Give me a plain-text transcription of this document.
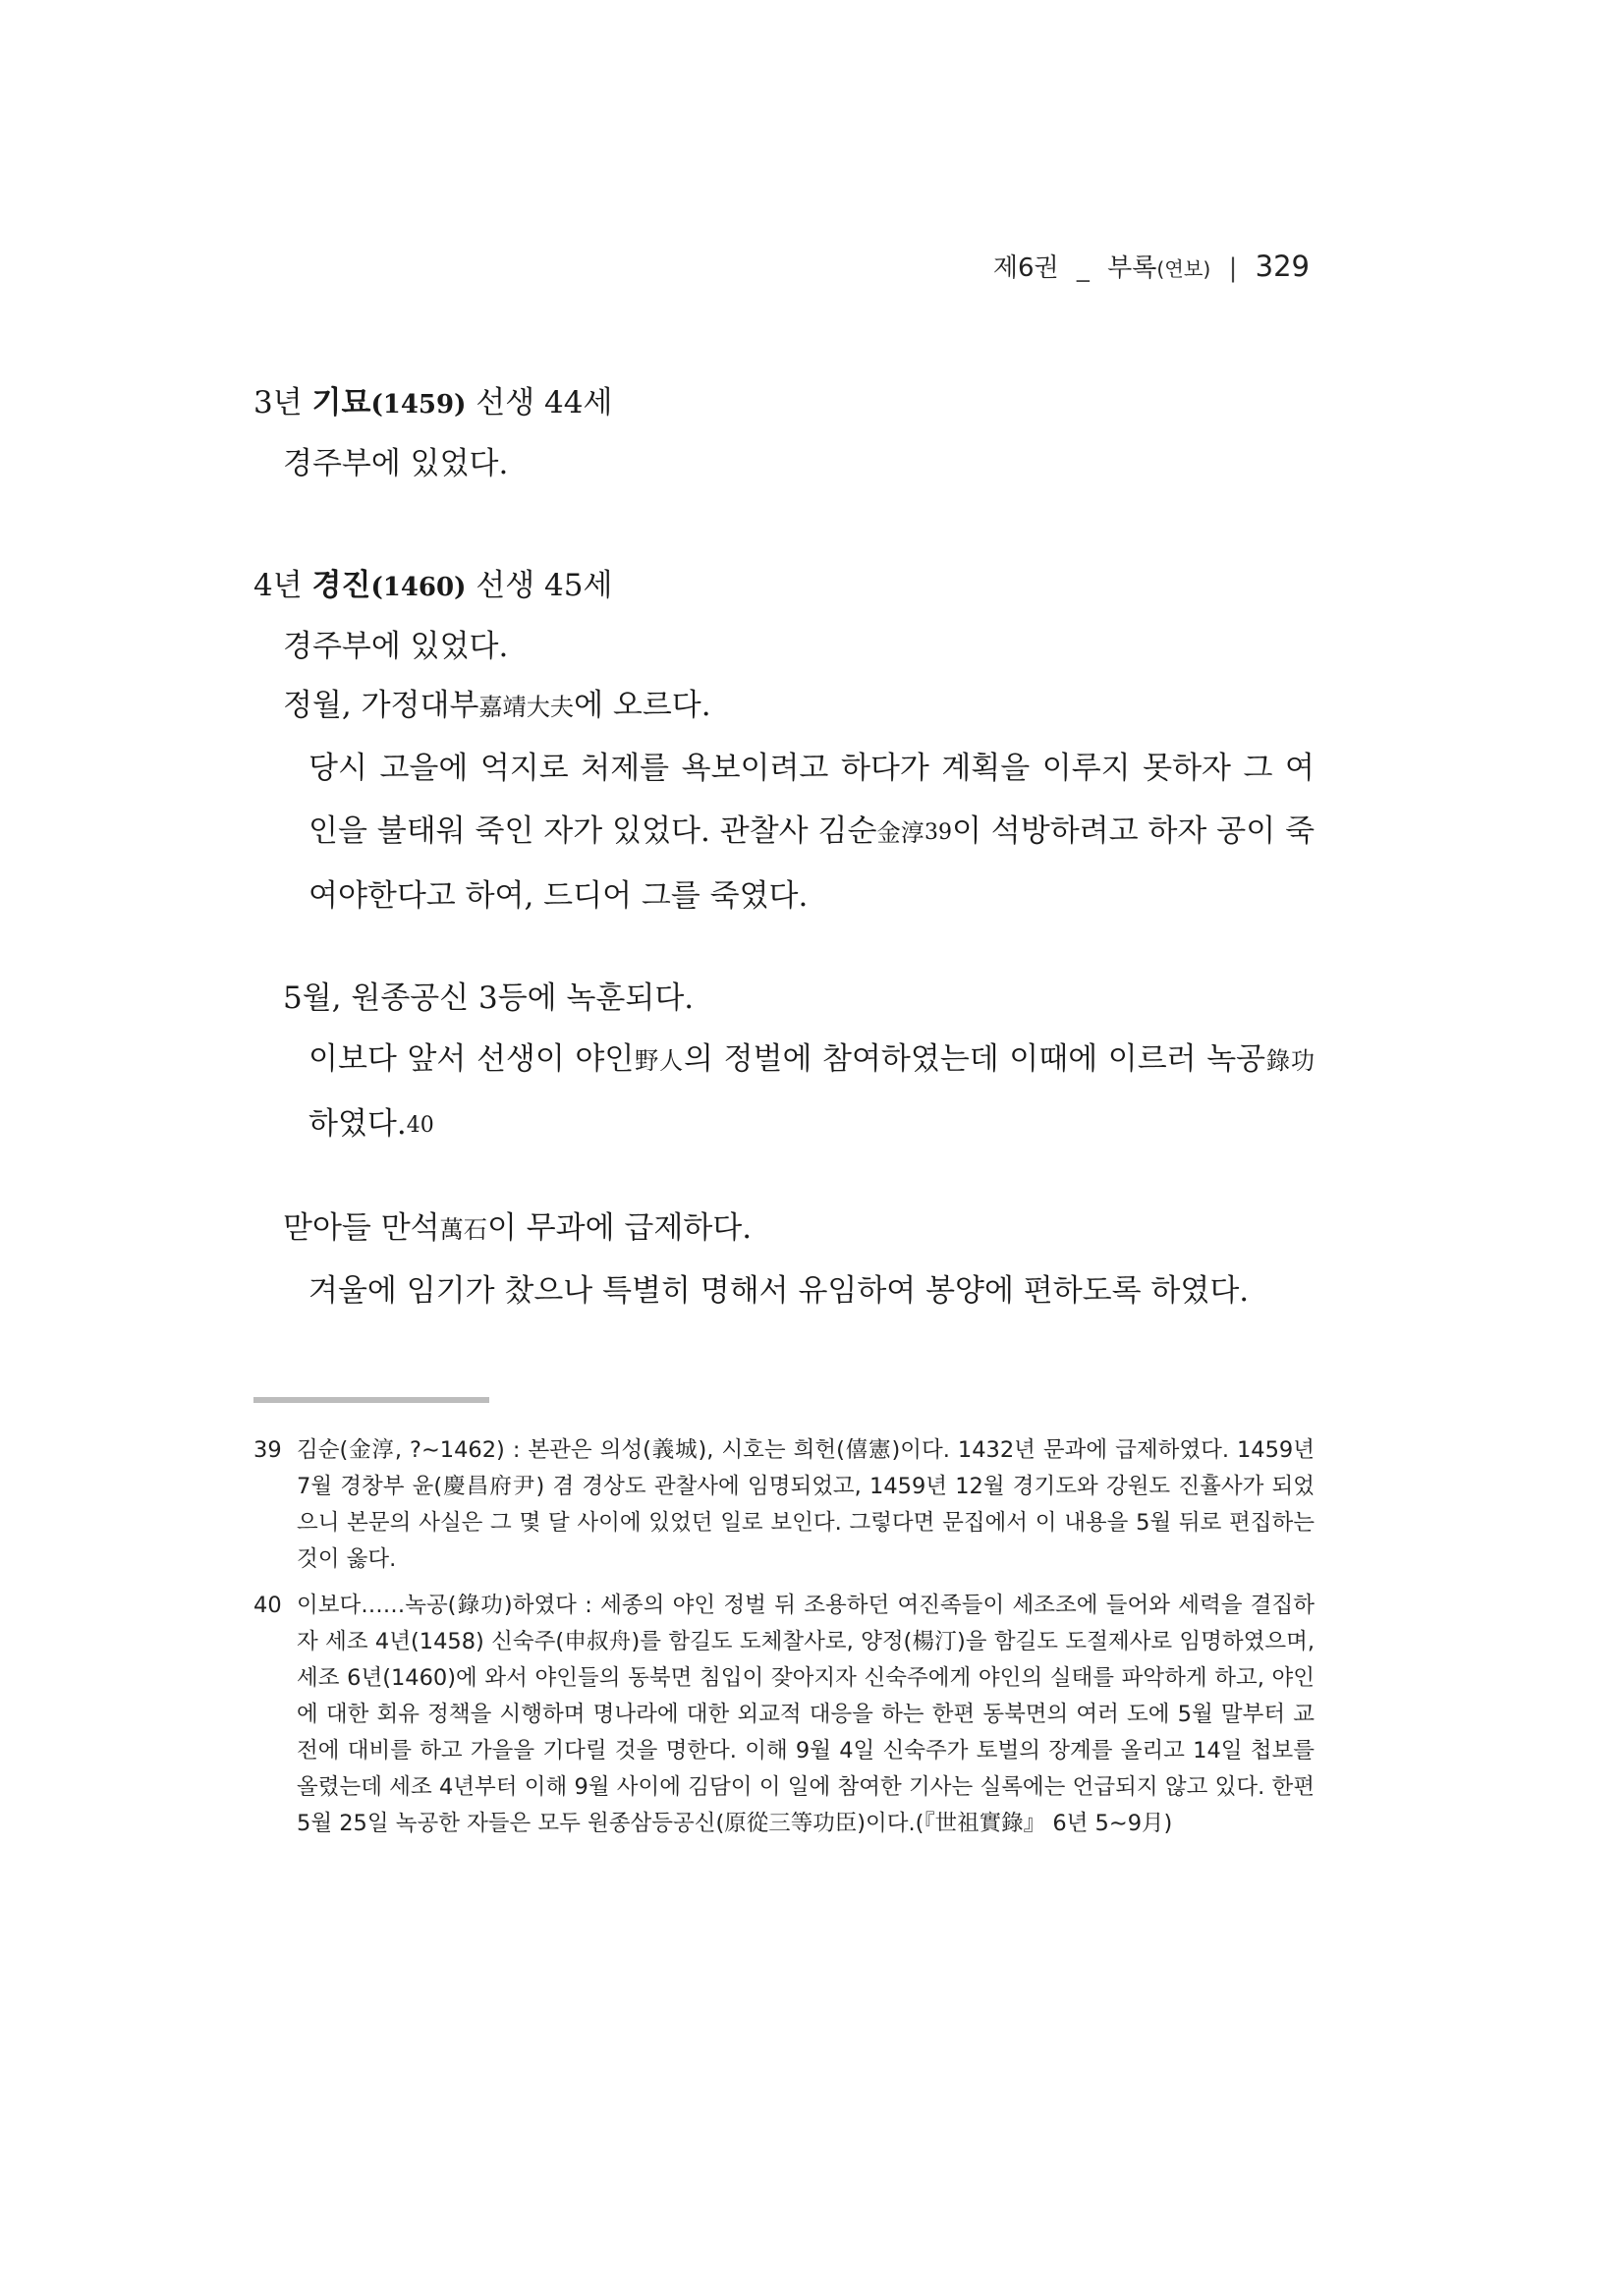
제6권 _ 부록(연보) | 329

3년 기묘(1459) 선생 44세

경주부에 있었다.

4년 경진(1460) 선생 45세

경주부에 있었다.

정월, 가정대부嘉靖大夫에 오르다.

당시 고을에 억지로 처제를 욕보이려고 하다가 계획을 이루지 못하자 그 여인을 불태워 죽인 자가 있었다. 관찰사 김순金淳39이 석방하려고 하자 공이 죽여야한다고 하여, 드디어 그를 죽였다.

5월, 원종공신 3등에 녹훈되다.

이보다 앞서 선생이 야인野人의 정벌에 참여하였는데 이때에 이르러 녹공錄功 하였다.40

맏아들 만석萬石이 무과에 급제하다.

겨울에 임기가 찼으나 특별히 명해서 유임하여 봉양에 편하도록 하였다.

39 김순(金淳, ?∼1462) : 본관은 의성(義城), 시호는 희헌(僖憲)이다. 1432년 문과에 급제하였다. 1459년 7월 경창부 윤(慶昌府尹) 겸 경상도 관찰사에 임명되었고, 1459년 12월 경기도와 강원도 진휼사가 되었으니 본문의 사실은 그 몇 달 사이에 있었던 일로 보인다. 그렇다면 문집에서 이 내용을 5월 뒤로 편집하는 것이 옳다.

40 이보다……녹공(錄功)하였다 : 세종의 야인 정벌 뒤 조용하던 여진족들이 세조조에 들어와 세력을 결집하자 세조 4년(1458) 신숙주(申叔舟)를 함길도 도체찰사로, 양정(楊汀)을 함길도 도절제사로 임명하였으며, 세조 6년(1460)에 와서 야인들의 동북면 침입이 잦아지자 신숙주에게 야인의 실태를 파악하게 하고, 야인에 대한 회유 정책을 시행하며 명나라에 대한 외교적 대응을 하는 한편 동북면의 여러 도에 5월 말부터 교전에 대비를 하고 가을을 기다릴 것을 명한다. 이해 9월 4일 신숙주가 토벌의 장계를 올리고 14일 첩보를 올렸는데 세조 4년부터 이해 9월 사이에 김담이 이 일에 참여한 기사는 실록에는 언급되지 않고 있다. 한편 5월 25일 녹공한 자들은 모두 원종삼등공신(原從三等功臣)이다.(『世祖實錄』 6년 5∼9月)
